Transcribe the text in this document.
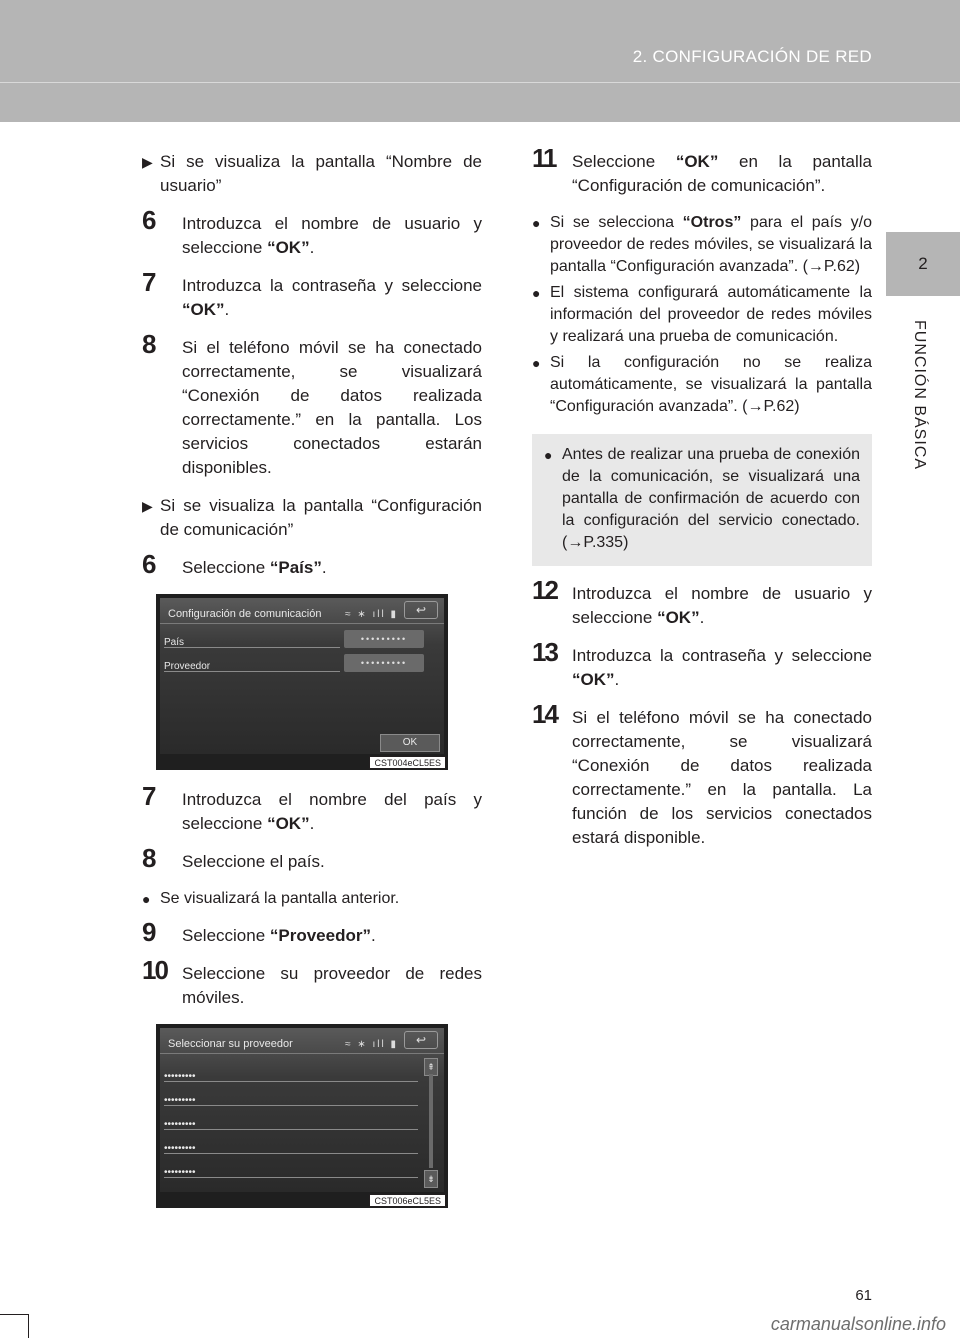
2. CONFIGURACIÓN DE RED
2
FUNCIÓN BÁSICA
▶ Si se visualiza la pantalla “Nombre de usuario”
6 Introduzca el nombre de usuario y seleccione “OK”.
7 Introduzca la contraseña y seleccione “OK”.
8 Si el teléfono móvil se ha conectado correctamente, se visualizará “Conexión de datos realizada correctamente.” en la pantalla. Los servicios conectados estarán disponibles.
▶ Si se visualiza la pantalla “Configuración de comunicación”
6 Seleccione “País”.
Configuración de comunicación	≈ ∗ ıll ▮	↩
País	•••••••••
Proveedor	•••••••••
OK
CST004eCL5ES
7 Introduzca el nombre del país y seleccione “OK”.
8 Seleccione el país.
● Se visualizará la pantalla anterior.
9 Seleccione “Proveedor”.
10 Seleccione su proveedor de redes móviles.
Seleccionar su proveedor	≈ ∗ ıll ▮	↩
•••••••••
•••••••••
•••••••••
•••••••••
•••••••••
⇞
⇟
CST006eCL5ES
11 Seleccione “OK” en la pantalla “Configuración de comunicación”.
● Si se selecciona “Otros” para el país y/o proveedor de redes móviles, se visualizará la pantalla “Configuración avanzada”. (→P.62)
● El sistema configurará automáticamente la información del proveedor de redes móviles y realizará una prueba de comunicación.
● Si la configuración no se realiza automáticamente, se visualizará la pantalla “Configuración avanzada”. (→P.62)
● Antes de realizar una prueba de conexión de la comunicación, se visualizará una pantalla de confirmación de acuerdo con la configuración del servicio conectado. (→P.335)
12 Introduzca el nombre de usuario y seleccione “OK”.
13 Introduzca la contraseña y seleccione “OK”.
14 Si el teléfono móvil se ha conectado correctamente, se visualizará “Conexión de datos realizada correctamente.” en la pantalla. La función de los servicios conectados estará disponible.
61
carmanualsonline.info
